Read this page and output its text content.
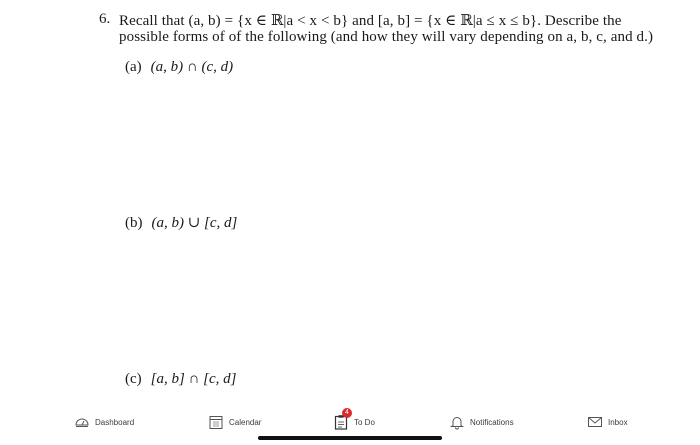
6. Recall that (a, b) = {x ∈ ℝ|a < x < b} and [a, b] = {x ∈ ℝ|a ≤ x ≤ b}. Describe the
possible forms of of the following (and how they will vary depending on a, b, c, and d.)
(a) (a, b) ∩ (c, d)
(b) (a, b) ∪ [c, d]
(c) [a, b] ∩ [c, d]
Dashboard	Calendar
4
To Do	Notifications	Inbox
